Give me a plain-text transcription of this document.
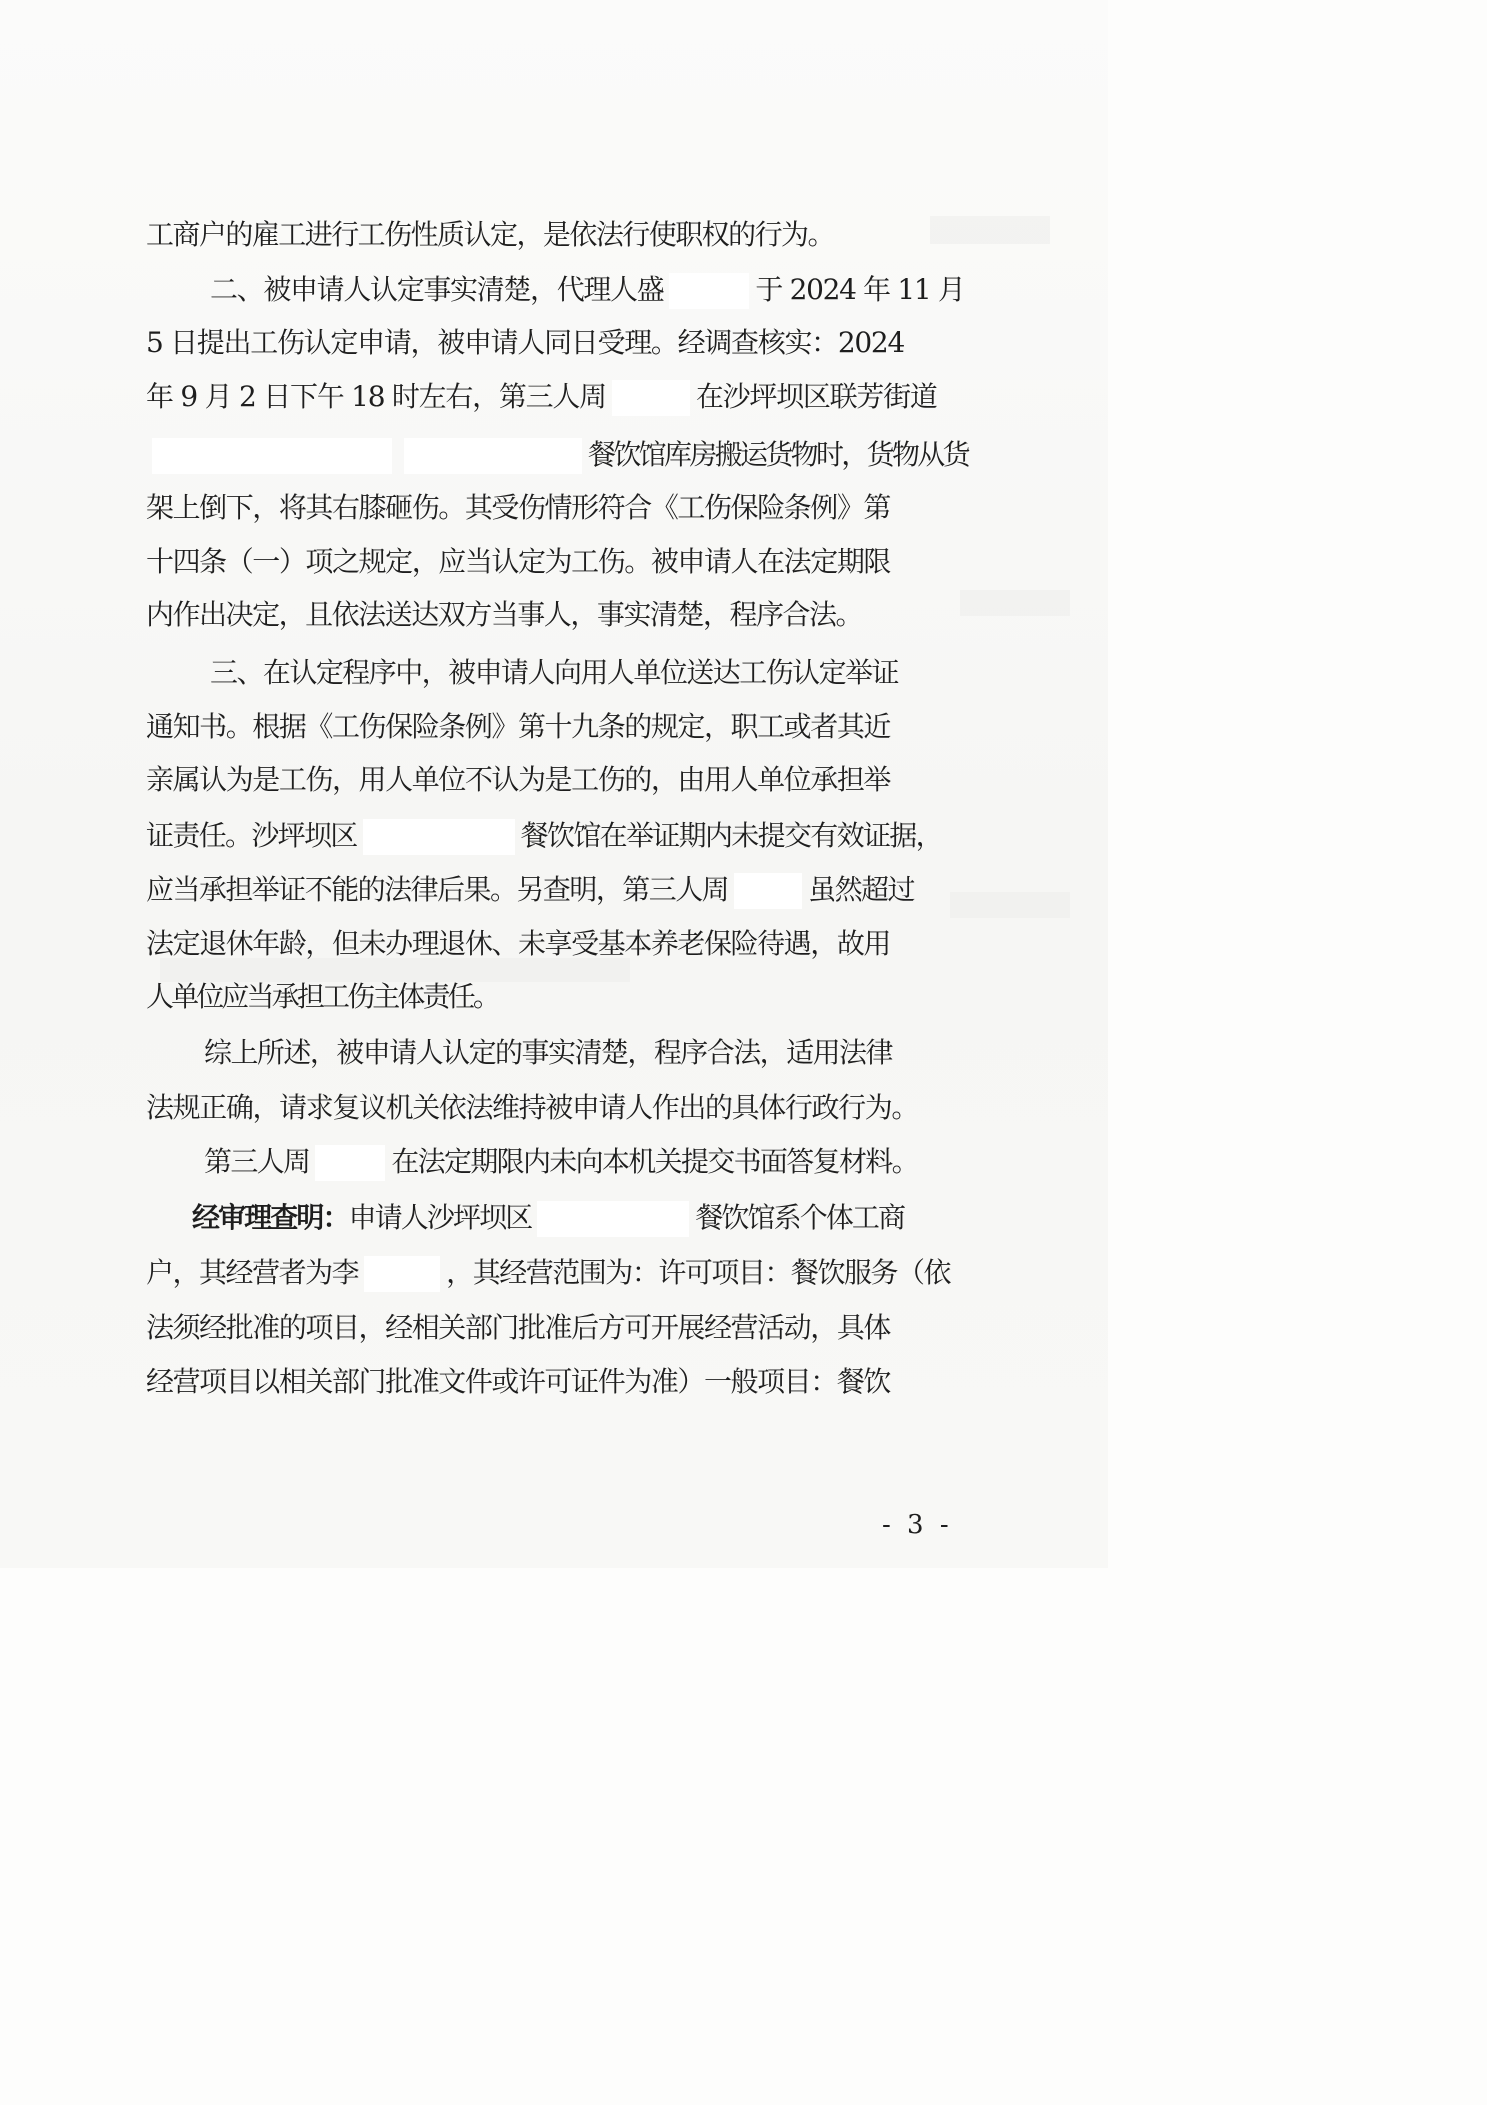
工商户的雇工进行工伤性质认定，是依法行使职权的行为。
二、被申请人认定事实清楚，代理人盛	于 2024 年 11 月
5 日提出工伤认定申请，被申请人同日受理。经调查核实：2024
年 9 月 2 日下午 18 时左右，第三人周	在沙坪坝区联芳街道
餐饮馆库房搬运货物时，货物从货
架上倒下，将其右膝砸伤。其受伤情形符合《工伤保险条例》第
十四条（一）项之规定，应当认定为工伤。被申请人在法定期限
内作出决定，且依法送达双方当事人，事实清楚，程序合法。
三、在认定程序中，被申请人向用人单位送达工伤认定举证
通知书。根据《工伤保险条例》第十九条的规定，职工或者其近
亲属认为是工伤，用人单位不认为是工伤的，由用人单位承担举
证责任。沙坪坝区	餐饮馆在举证期内未提交有效证据，
应当承担举证不能的法律后果。另查明，第三人周	虽然超过
法定退休年龄，但未办理退休、未享受基本养老保险待遇，故用
人单位应当承担工伤主体责任。
综上所述，被申请人认定的事实清楚，程序合法，适用法律
法规正确，请求复议机关依法维持被申请人作出的具体行政行为。
第三人周	在法定期限内未向本机关提交书面答复材料。
经审理查明：申请人沙坪坝区	餐饮馆系个体工商
户，其经营者为李	，其经营范围为：许可项目：餐饮服务（依
法须经批准的项目，经相关部门批准后方可开展经营活动，具体
经营项目以相关部门批准文件或许可证件为准）一般项目：餐饮
- 3 -
